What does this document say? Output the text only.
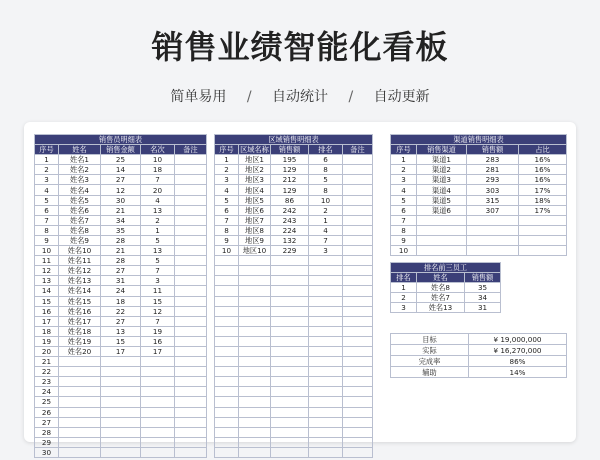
销售业绩智能化看板
简单易用 / 自动统计 / 自动更新
销售员明细表				
序号	姓名	销售金额	名次	备注
1	姓名1	25	10	
2	姓名2	14	18	
3	姓名3	27	7	
4	姓名4	12	20	
5	姓名5	30	4	
6	姓名6	21	13	
7	姓名7	34	2	
8	姓名8	35	1	
9	姓名9	28	5	
10	姓名10	21	13	
11	姓名11	28	5	
12	姓名12	27	7	
13	姓名13	31	3	
14	姓名14	24	11	
15	姓名15	18	15	
16	姓名16	22	12	
17	姓名17	27	7	
18	姓名18	13	19	
19	姓名19	15	16	
20	姓名20	17	17	
21				
22				
23				
24				
25				
26				
27				
28				
29				
30				
区域销售明细表				
序号	区域名称	销售额	排名	备注
1	地区1	195	6	
2	地区2	129	8	
3	地区3	212	5	
4	地区4	129	8	
5	地区5	86	10	
6	地区6	242	2	
7	地区7	243	1	
8	地区8	224	4	
9	地区9	132	7	
10	地区10	229	3	

渠道销售明细表			
序号	销售渠道	销售额	占比
1	渠道1	283	16%
2	渠道2	281	16%
3	渠道3	293	16%
4	渠道4	303	17%
5	渠道5	315	18%
6	渠道6	307	17%
7			
8			
9			
10			
排名前三员工		
排名	姓名	销售额
1	姓名8	35
2	姓名7	34
3	姓名13	31
目标	¥ 19,000,000
实际	¥ 16,270,000
完成率	86%
辅助	14%
